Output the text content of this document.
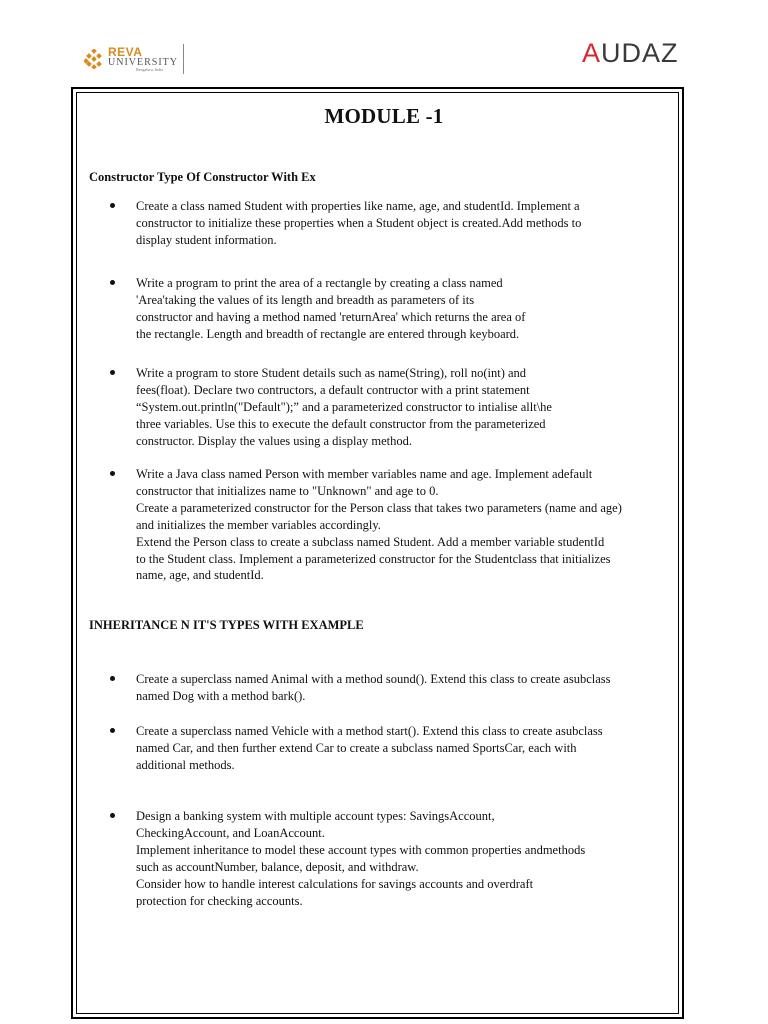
REVA
UNIVERSITY
Bengaluru, India
AUDAZ
MODULE -1
Constructor Type Of Constructor With Ex
Create a class named Student with properties like name, age, and studentId. Implement a
constructor to initialize these properties when a Student object is created.Add methods to
display student information.
Write a program to print the area of a rectangle by creating a class named
'Area'taking the values of its length and breadth as parameters of its
constructor and having a method named 'returnArea' which returns the area of
the rectangle. Length and breadth of rectangle are entered through keyboard.
Write a program to store Student details such as name(String), roll no(int) and
fees(float). Declare two contructors, a default contructor with a print statement
“System.out.println("Default");” and a parameterized constructor to intialise allt\he
three variables. Use this to execute the default constructor from the parameterized
constructor. Display the values using a display method.
Write a Java class named Person with member variables name and age. Implement adefault
constructor that initializes name to "Unknown" and age to 0.
Create a parameterized constructor for the Person class that takes two parameters (name and age)
and initializes the member variables accordingly.
Extend the Person class to create a subclass named Student. Add a member variable studentId
to the Student class. Implement a parameterized constructor for the Studentclass that initializes
name, age, and studentId.
INHERITANCE N IT'S TYPES WITH EXAMPLE
Create a superclass named Animal with a method sound(). Extend this class to create asubclass
named Dog with a method bark().
Create a superclass named Vehicle with a method start(). Extend this class to create asubclass
named Car, and then further extend Car to create a subclass named SportsCar, each with
additional methods.
Design a banking system with multiple account types: SavingsAccount,
CheckingAccount, and LoanAccount.
Implement inheritance to model these account types with common properties andmethods
such as accountNumber, balance, deposit, and withdraw.
Consider how to handle interest calculations for savings accounts and overdraft
protection for checking accounts.
